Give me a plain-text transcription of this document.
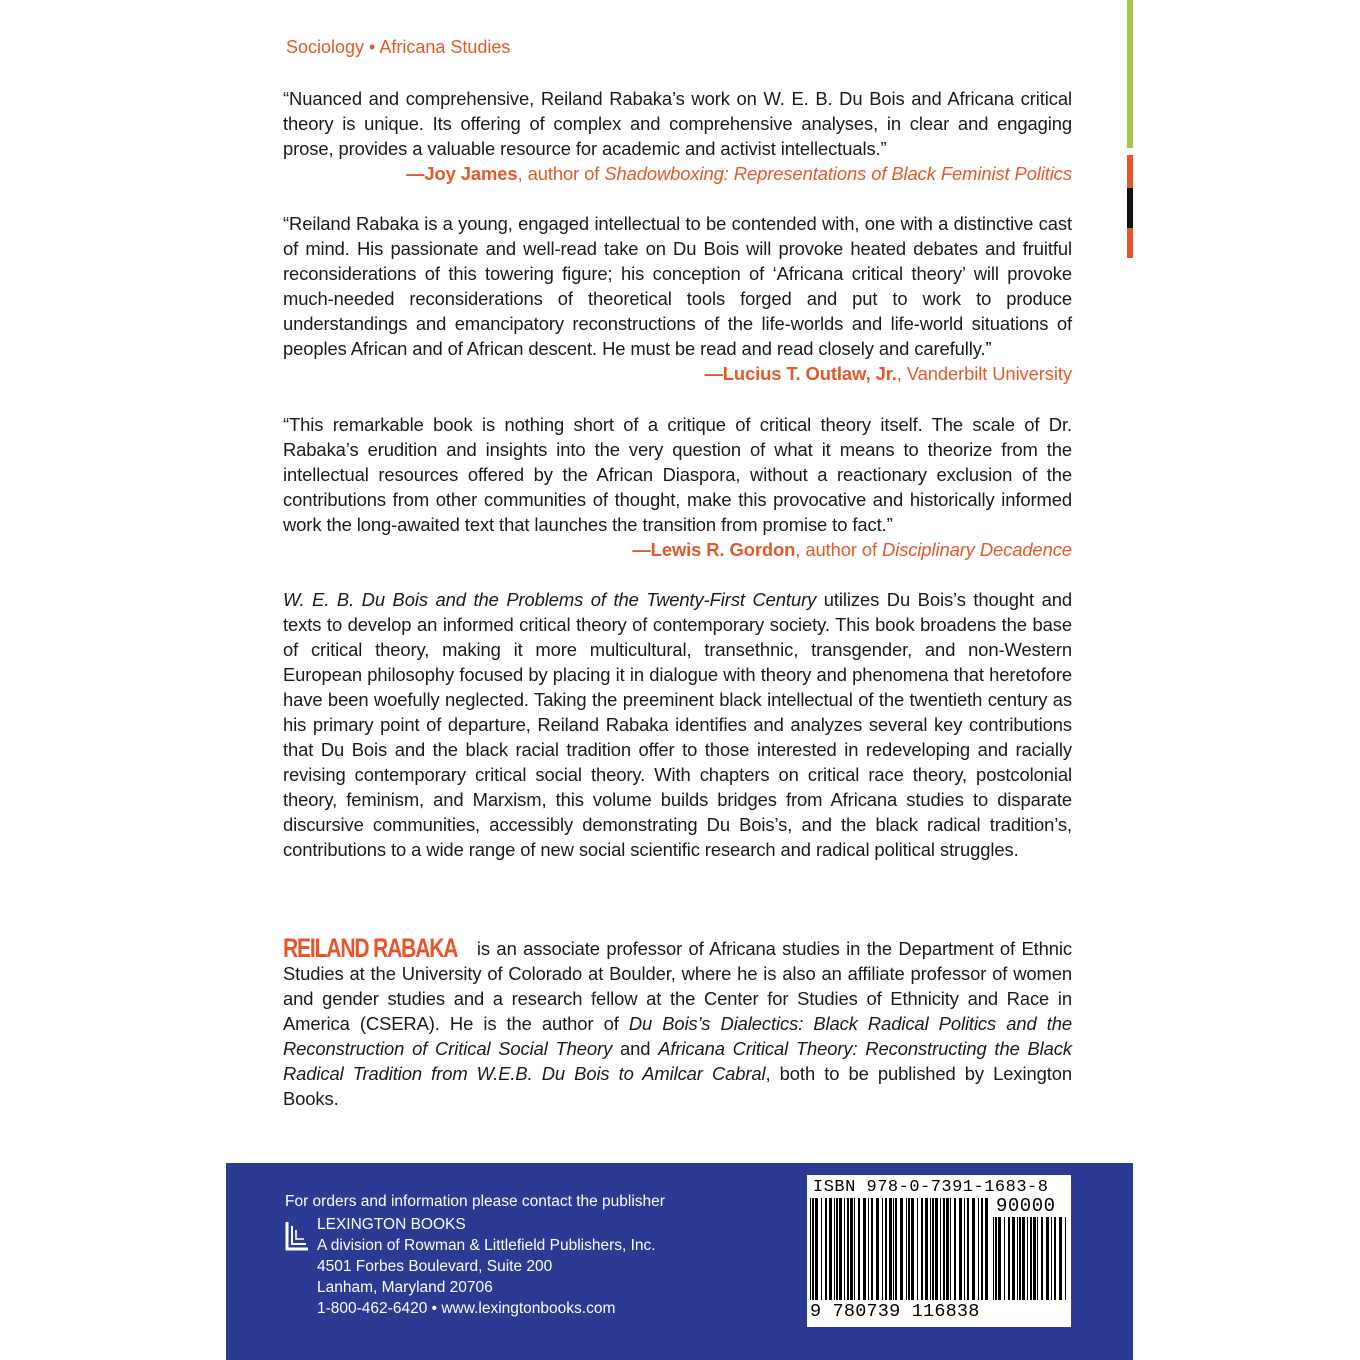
Sociology • Africana Studies
“Nuanced and comprehensive, Reiland Rabaka’s work on W. E. B. Du Bois and Africana critical theory is unique. Its offering of complex and comprehensive analyses, in clear and engaging prose, provides a valuable resource for academic and activist intellectuals.”
—Joy James, author of Shadowboxing: Representations of Black Feminist Politics
“Reiland Rabaka is a young, engaged intellectual to be contended with, one with a distinctive cast of mind. His passionate and well-read take on Du Bois will provoke heated debates and fruitful reconsiderations of this towering figure; his conception of ‘Africana critical theory’ will provoke much-needed reconsiderations of theoretical tools forged and put to work to produce understandings and emancipatory reconstructions of the life-worlds and life-world situations of peoples African and of African descent. He must be read and read closely and carefully.”
—Lucius T. Outlaw, Jr., Vanderbilt University
“This remarkable book is nothing short of a critique of critical theory itself. The scale of Dr. Rabaka’s erudition and insights into the very question of what it means to theorize from the intellectual resources offered by the African Diaspora, without a reactionary exclusion of the contributions from other communities of thought, make this provocative and historically informed work the long-awaited text that launches the transition from promise to fact.”
—Lewis R. Gordon, author of Disciplinary Decadence
W. E. B. Du Bois and the Problems of the Twenty-First Century utilizes Du Bois’s thought and texts to develop an informed critical theory of contemporary society. This book broadens the base of critical theory, making it more multicultural, transethnic, transgender, and non-Western European philosophy focused by placing it in dialogue with theory and phenomena that heretofore have been woefully neglected. Taking the preeminent black intellectual of the twentieth century as his primary point of departure, Reiland Rabaka identifies and analyzes several key contributions that Du Bois and the black racial tradition offer to those interested in redeveloping and racially revising contemporary critical social theory. With chapters on critical race theory, postcolonial theory, feminism, and Marxism, this volume builds bridges from Africana studies to disparate discursive communities, accessibly demonstrating Du Bois’s, and the black radical tradition’s, contributions to a wide range of new social scientific research and radical political struggles.
REILAND RABAKA is an associate professor of Africana studies in the Department of Ethnic Studies at the University of Colorado at Boulder, where he is also an affiliate professor of women and gender studies and a research fellow at the Center for Studies of Ethnicity and Race in America (CSERA). He is the author of Du Bois’s Dialectics: Black Radical Politics and the Reconstruction of Critical Social Theory and Africana Critical Theory: Reconstructing the Black Radical Tradition from W.E.B. Du Bois to Amilcar Cabral, both to be published by Lexington Books.
For orders and information please contact the publisher
LEXINGTON BOOKS
A division of Rowman & Littlefield Publishers, Inc.
4501 Forbes Boulevard, Suite 200
Lanham, Maryland 20706
1-800-462-6420 • www.lexingtonbooks.com
ISBN 978-0-7391-1683-8
90000
9 780739 116838
